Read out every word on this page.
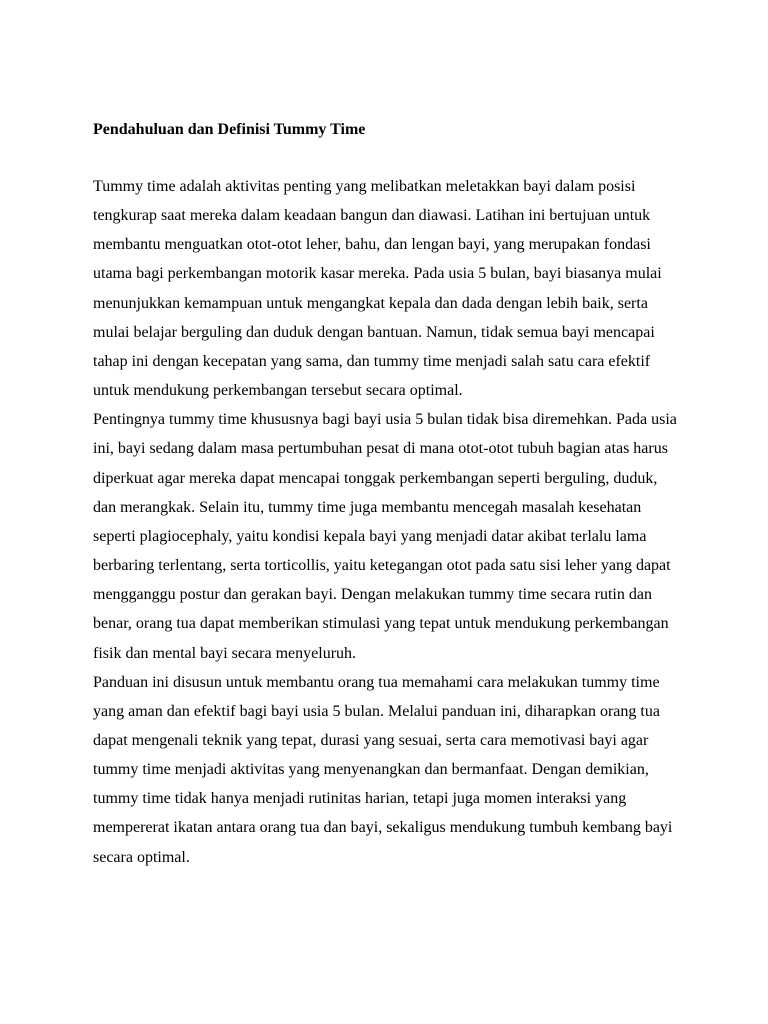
Pendahuluan dan Definisi Tummy Time

Tummy time adalah aktivitas penting yang melibatkan meletakkan bayi dalam posisi tengkurap saat mereka dalam keadaan bangun dan diawasi. Latihan ini bertujuan untuk membantu menguatkan otot-otot leher, bahu, dan lengan bayi, yang merupakan fondasi utama bagi perkembangan motorik kasar mereka. Pada usia 5 bulan, bayi biasanya mulai menunjukkan kemampuan untuk mengangkat kepala dan dada dengan lebih baik, serta mulai belajar berguling dan duduk dengan bantuan. Namun, tidak semua bayi mencapai tahap ini dengan kecepatan yang sama, dan tummy time menjadi salah satu cara efektif untuk mendukung perkembangan tersebut secara optimal.

Pentingnya tummy time khususnya bagi bayi usia 5 bulan tidak bisa diremehkan. Pada usia ini, bayi sedang dalam masa pertumbuhan pesat di mana otot-otot tubuh bagian atas harus diperkuat agar mereka dapat mencapai tonggak perkembangan seperti berguling, duduk, dan merangkak. Selain itu, tummy time juga membantu mencegah masalah kesehatan seperti plagiocephaly, yaitu kondisi kepala bayi yang menjadi datar akibat terlalu lama berbaring terlentang, serta torticollis, yaitu ketegangan otot pada satu sisi leher yang dapat mengganggu postur dan gerakan bayi. Dengan melakukan tummy time secara rutin dan benar, orang tua dapat memberikan stimulasi yang tepat untuk mendukung perkembangan fisik dan mental bayi secara menyeluruh.

Panduan ini disusun untuk membantu orang tua memahami cara melakukan tummy time yang aman dan efektif bagi bayi usia 5 bulan. Melalui panduan ini, diharapkan orang tua dapat mengenali teknik yang tepat, durasi yang sesuai, serta cara memotivasi bayi agar tummy time menjadi aktivitas yang menyenangkan dan bermanfaat. Dengan demikian, tummy time tidak hanya menjadi rutinitas harian, tetapi juga momen interaksi yang mempererat ikatan antara orang tua dan bayi, sekaligus mendukung tumbuh kembang bayi secara optimal.
